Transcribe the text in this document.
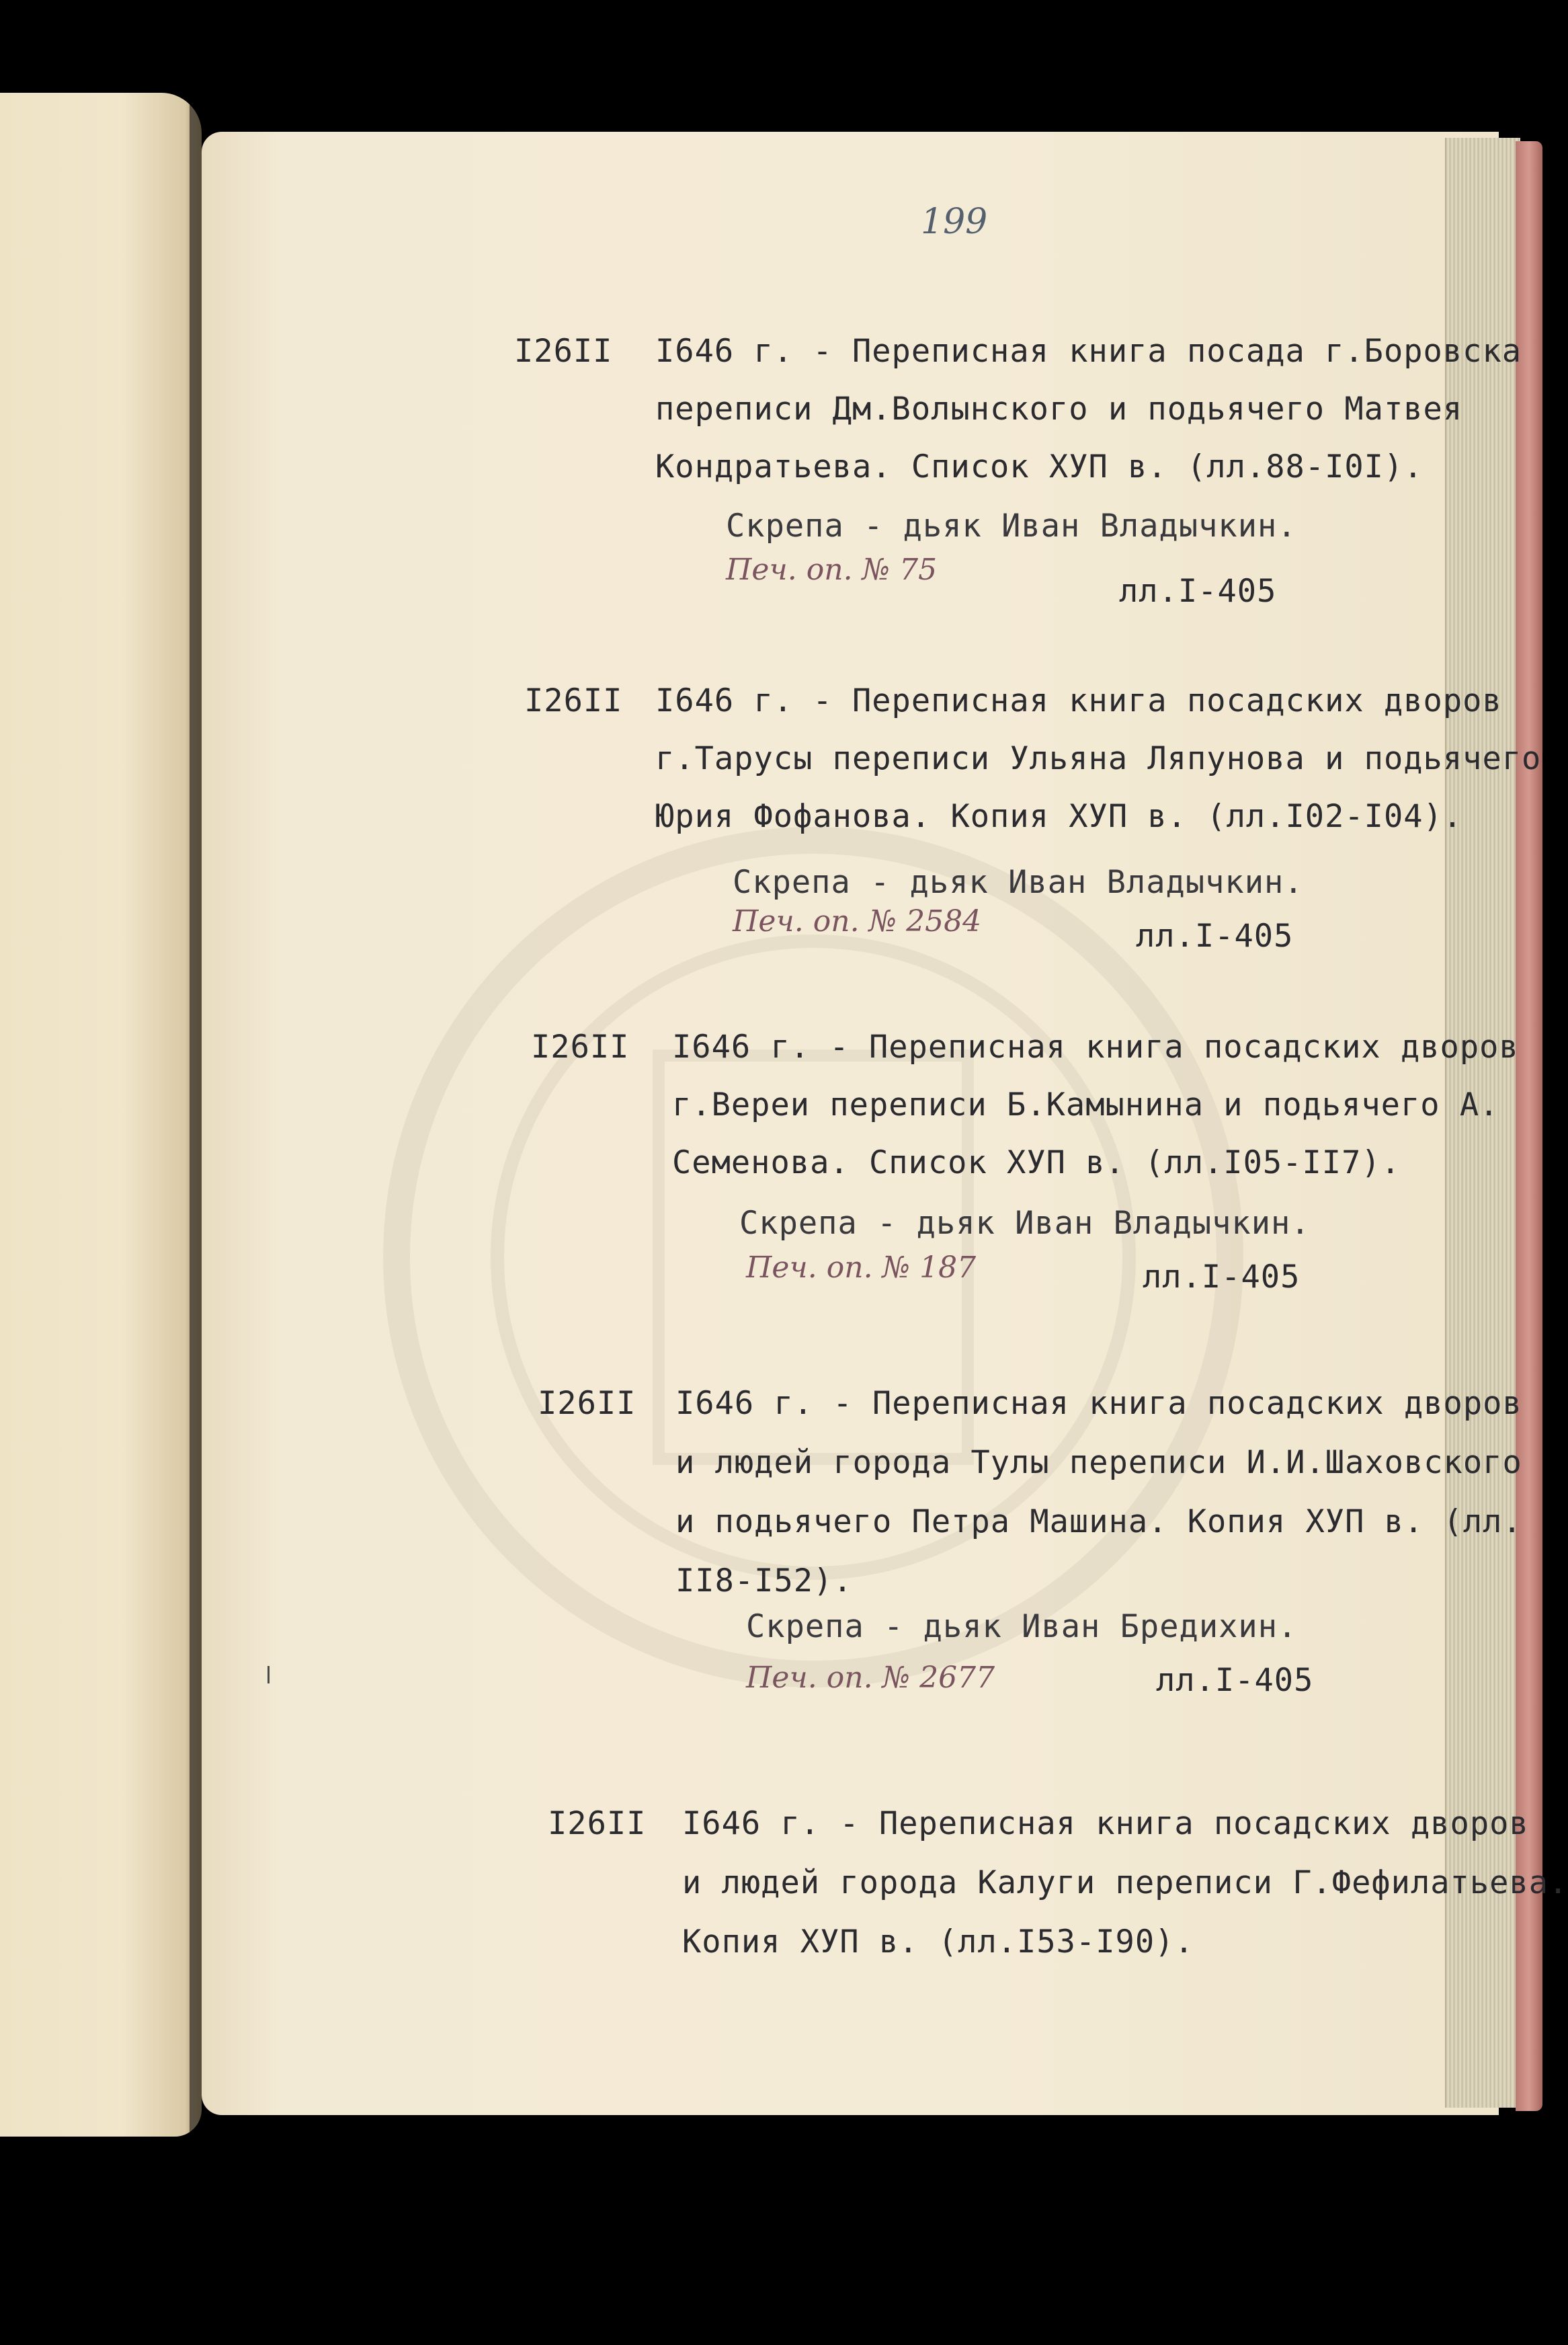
199
I26II I646 г. - Переписная книга посада г.Боровска
переписи Дм.Волынского и подьячего Матвея
Кондратьева. Список ХУП в. (лл.88-I0I).
Скрепа - дьяк Иван Владычкин.
Печ. оп. № 75
лл.I-405
I26II I646 г. - Переписная книга посадских дворов
г.Тарусы переписи Ульяна Ляпунова и подьячего
Юрия Фофанова. Копия ХУП в. (лл.I02-I04).
Скрепа - дьяк Иван Владычкин.
Печ. оп. № 2584	лл.I-405
I26II I646 г. - Переписная книга посадских дворов
г.Вереи переписи Б.Камынина и подьячего А.
Семенова. Список ХУП в. (лл.I05-II7).
Скрепа - дьяк Иван Владычкин.
Печ. оп. № 187	лл.I-405
I26II I646 г. - Переписная книга посадских дворов
и людей города Тулы переписи И.И.Шаховского
и подьячего Петра Машина. Копия ХУП в. (лл.
II8-I52).
Скрепа - дьяк Иван Бредихин.
Печ. оп. № 2677	лл.I-405
I26II I646 г. - Переписная книга посадских дворов
и людей города Калуги переписи Г.Фефилатьева.
Копия ХУП в. (лл.I53-I90).
